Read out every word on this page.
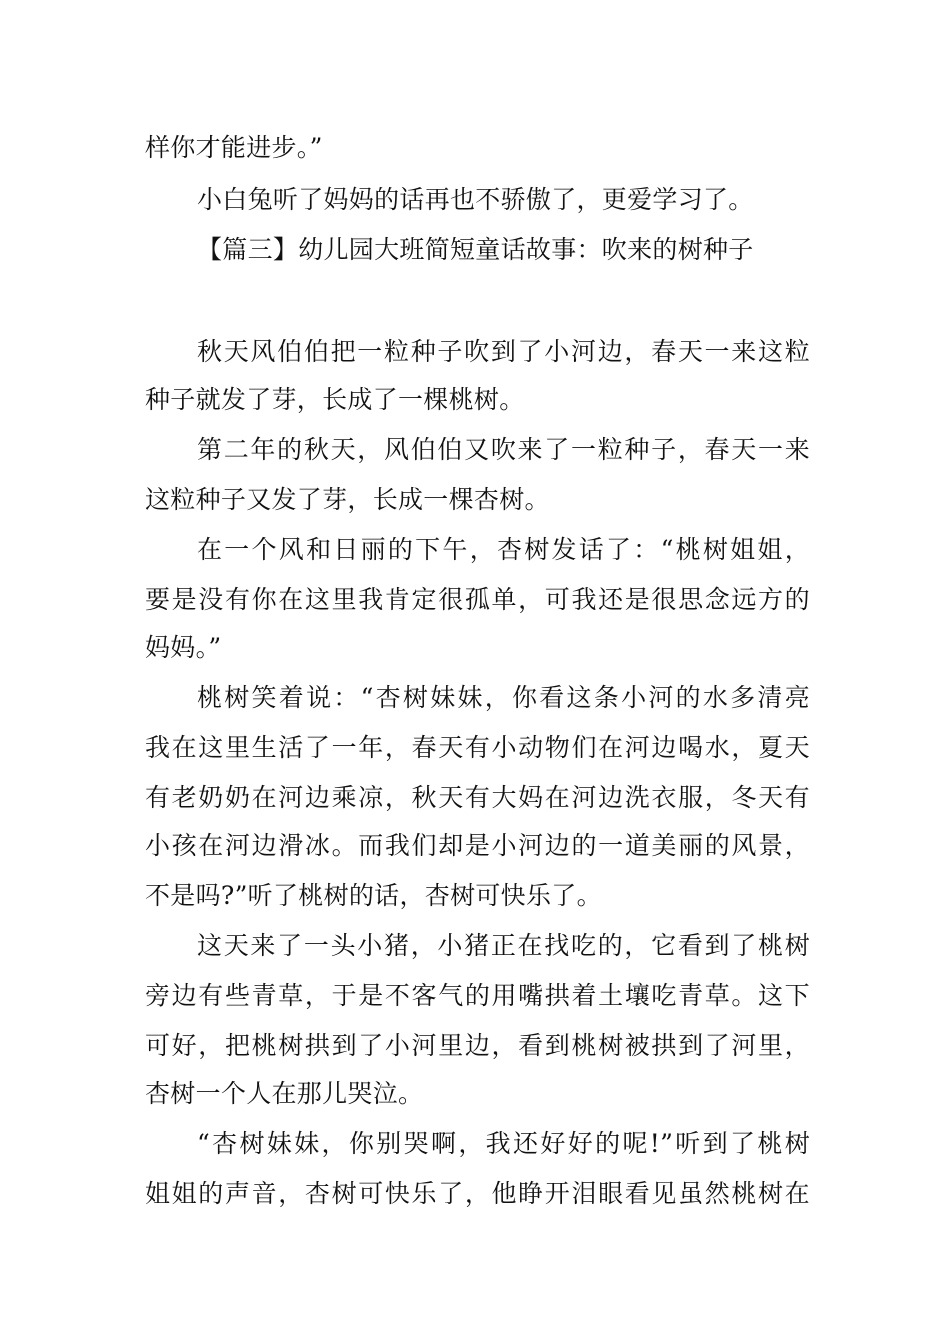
样你才能进步。”
小白兔听了妈妈的话再也不骄傲了，更爱学习了。
【篇三】幼儿园大班简短童话故事：吹来的树种子
秋天风伯伯把一粒种子吹到了小河边，春天一来这粒
种子就发了芽，长成了一棵桃树。
第二年的秋天，风伯伯又吹来了一粒种子，春天一来
这粒种子又发了芽，长成一棵杏树。
在一个风和日丽的下午，杏树发话了：“桃树姐姐，
要是没有你在这里我肯定很孤单，可我还是很思念远方的
妈妈。”
桃树笑着说：“杏树妹妹，你看这条小河的水多清亮
我在这里生活了一年，春天有小动物们在河边喝水，夏天
有老奶奶在河边乘凉，秋天有大妈在河边洗衣服，冬天有
小孩在河边滑冰。而我们却是小河边的一道美丽的风景，
不是吗?”听了桃树的话，杏树可快乐了。
这天来了一头小猪，小猪正在找吃的，它看到了桃树
旁边有些青草，于是不客气的用嘴拱着土壤吃青草。这下
可好，把桃树拱到了小河里边，看到桃树被拱到了河里，
杏树一个人在那儿哭泣。
“杏树妹妹，你别哭啊，我还好好的呢!”听到了桃树
姐姐的声音，杏树可快乐了，他睁开泪眼看见虽然桃树在
